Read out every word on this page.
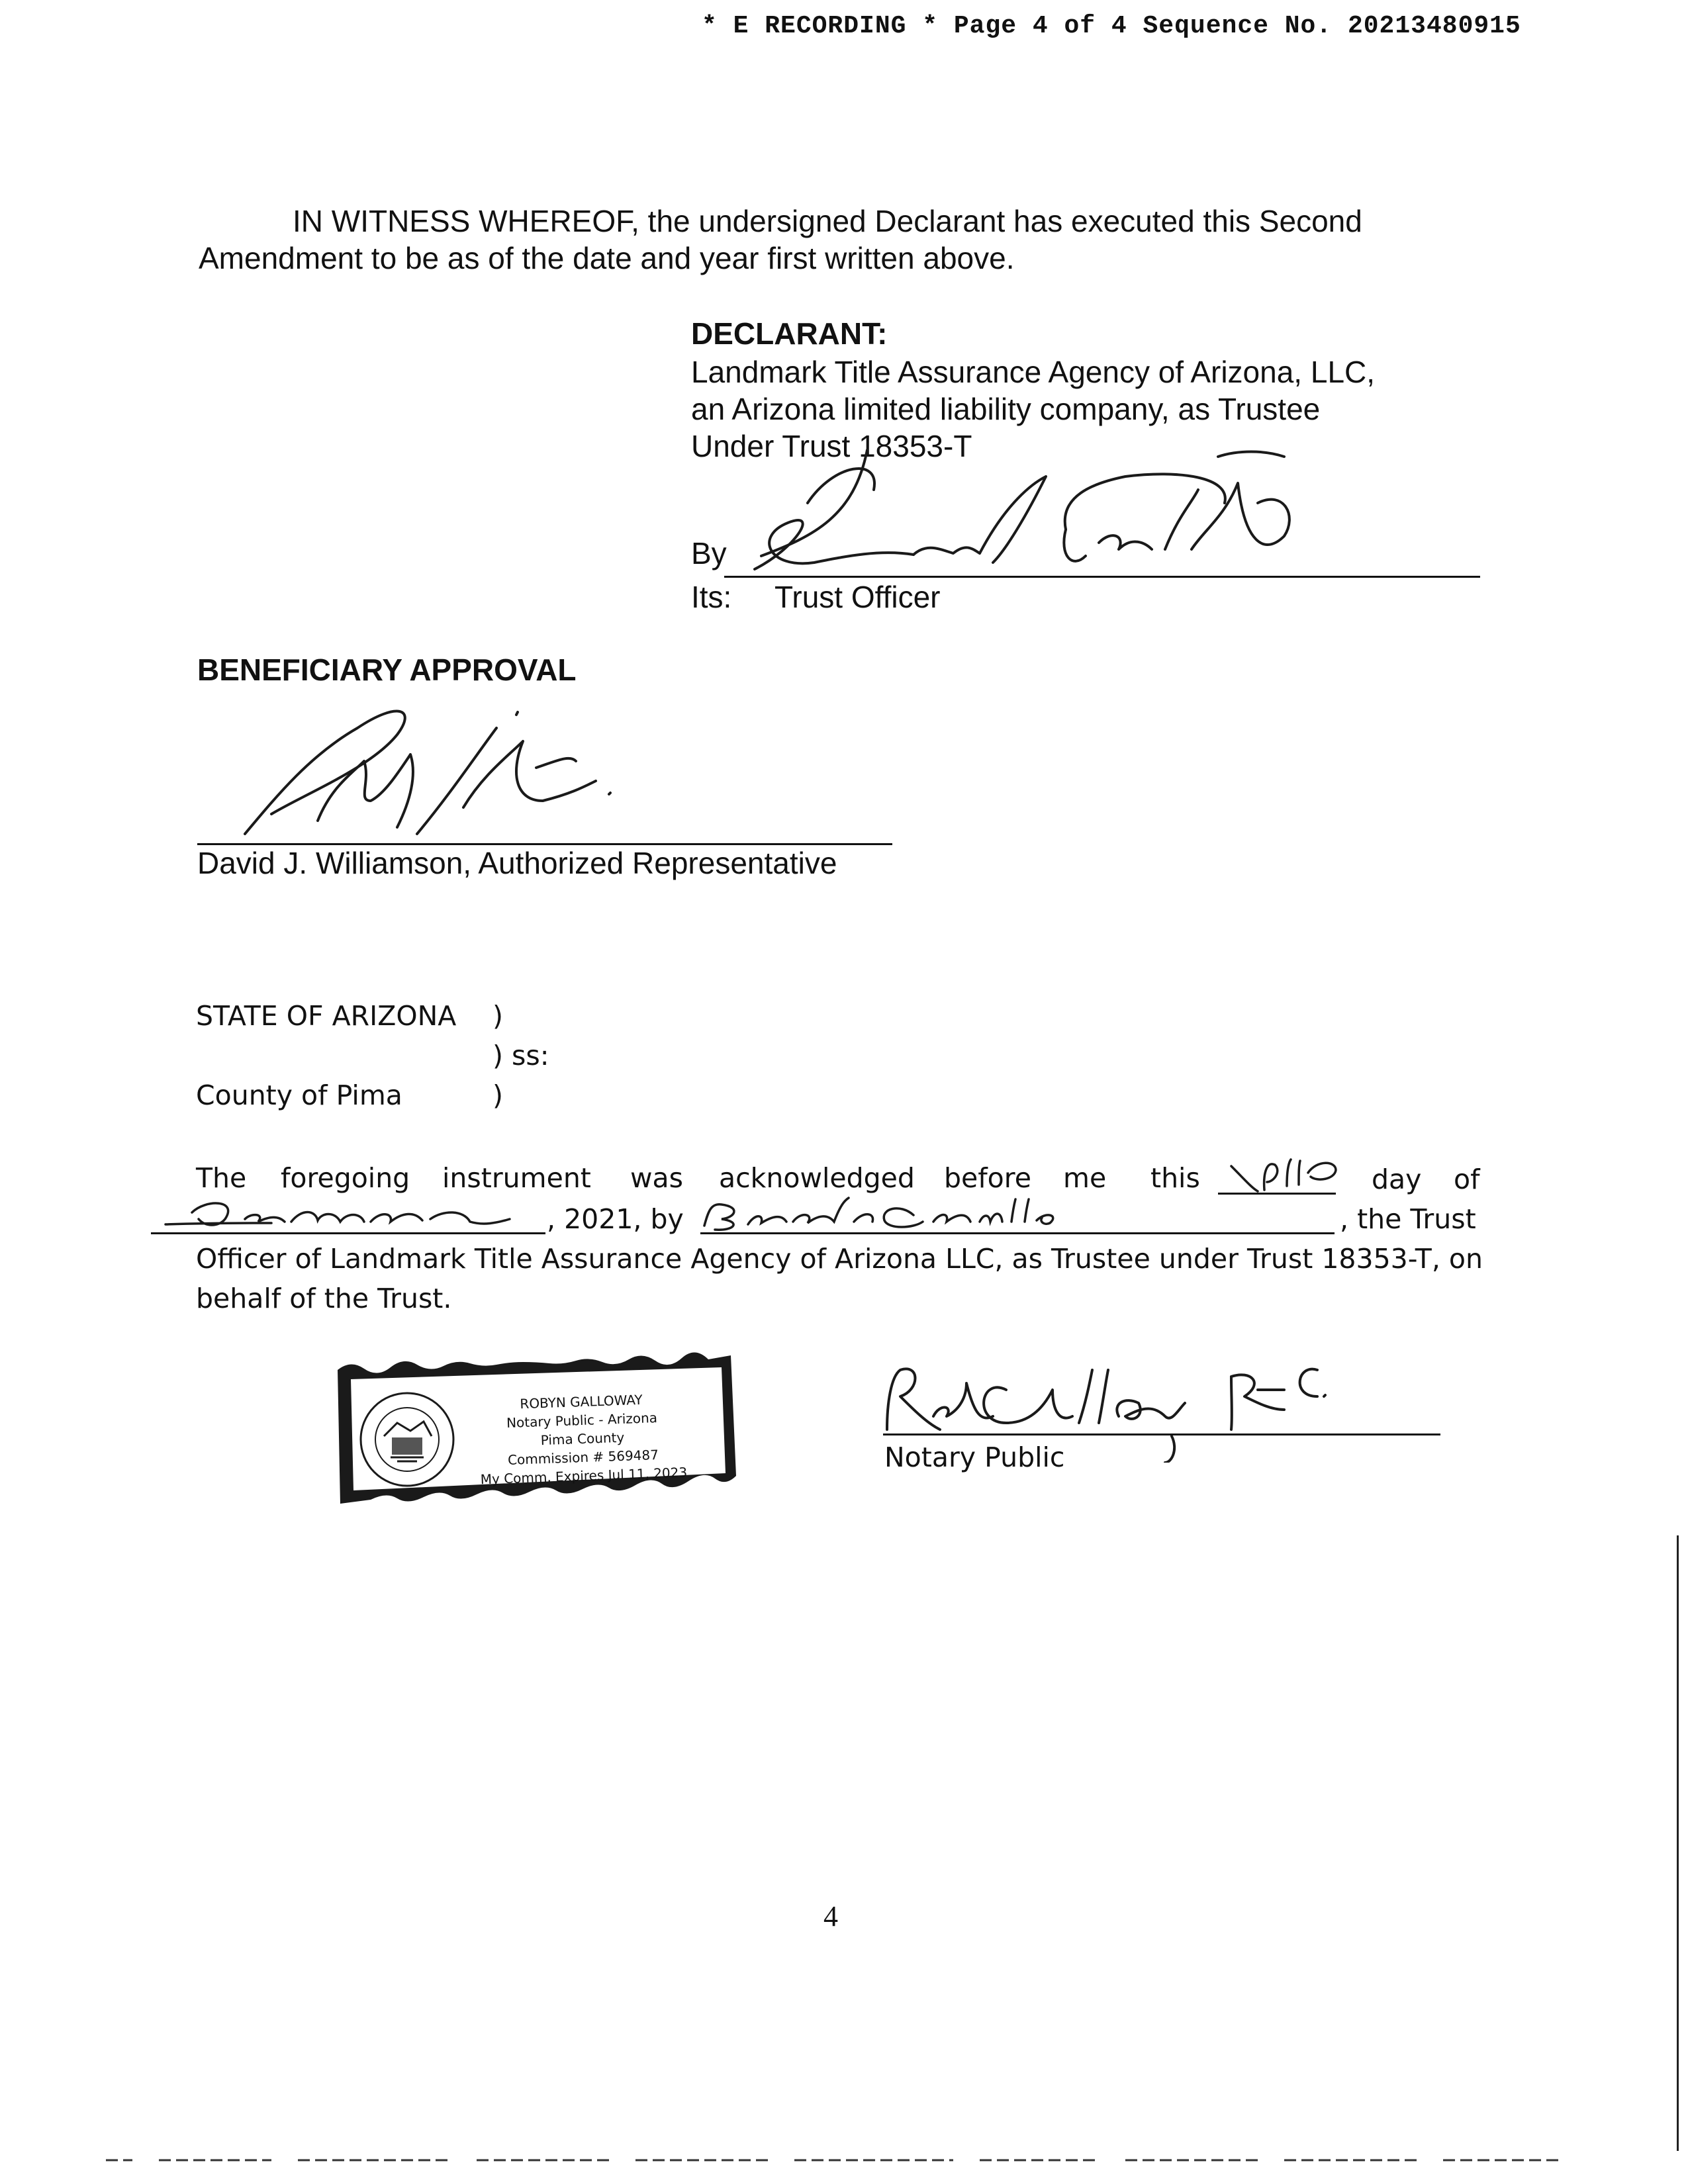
* E RECORDING * Page 4 of 4 Sequence No. 20213480915
IN WITNESS WHEREOF, the undersigned Declarant has executed this Second
Amendment to be as of the date and year first written above.
DECLARANT:
Landmark Title Assurance Agency of Arizona, LLC,
an Arizona limited liability company, as Trustee
Under Trust 18353-T
By
Its: Trust Officer
BENEFICIARY APPROVAL
David J. Williamson, Authorized Representative
STATE OF ARIZONA )
) ss:
County of Pima	)
The foregoing instrument was acknowledged before me this	day of
, 2021, by	, the Trust
Officer of Landmark Title Assurance Agency of Arizona LLC, as Trustee under Trust 18353-T, on
behalf of the Trust.
ROBYN GALLOWAY
Notary Public - Arizona
Pima County
Commission # 569487
My Comm. Expires Jul 11, 2023
Notary Public
4
